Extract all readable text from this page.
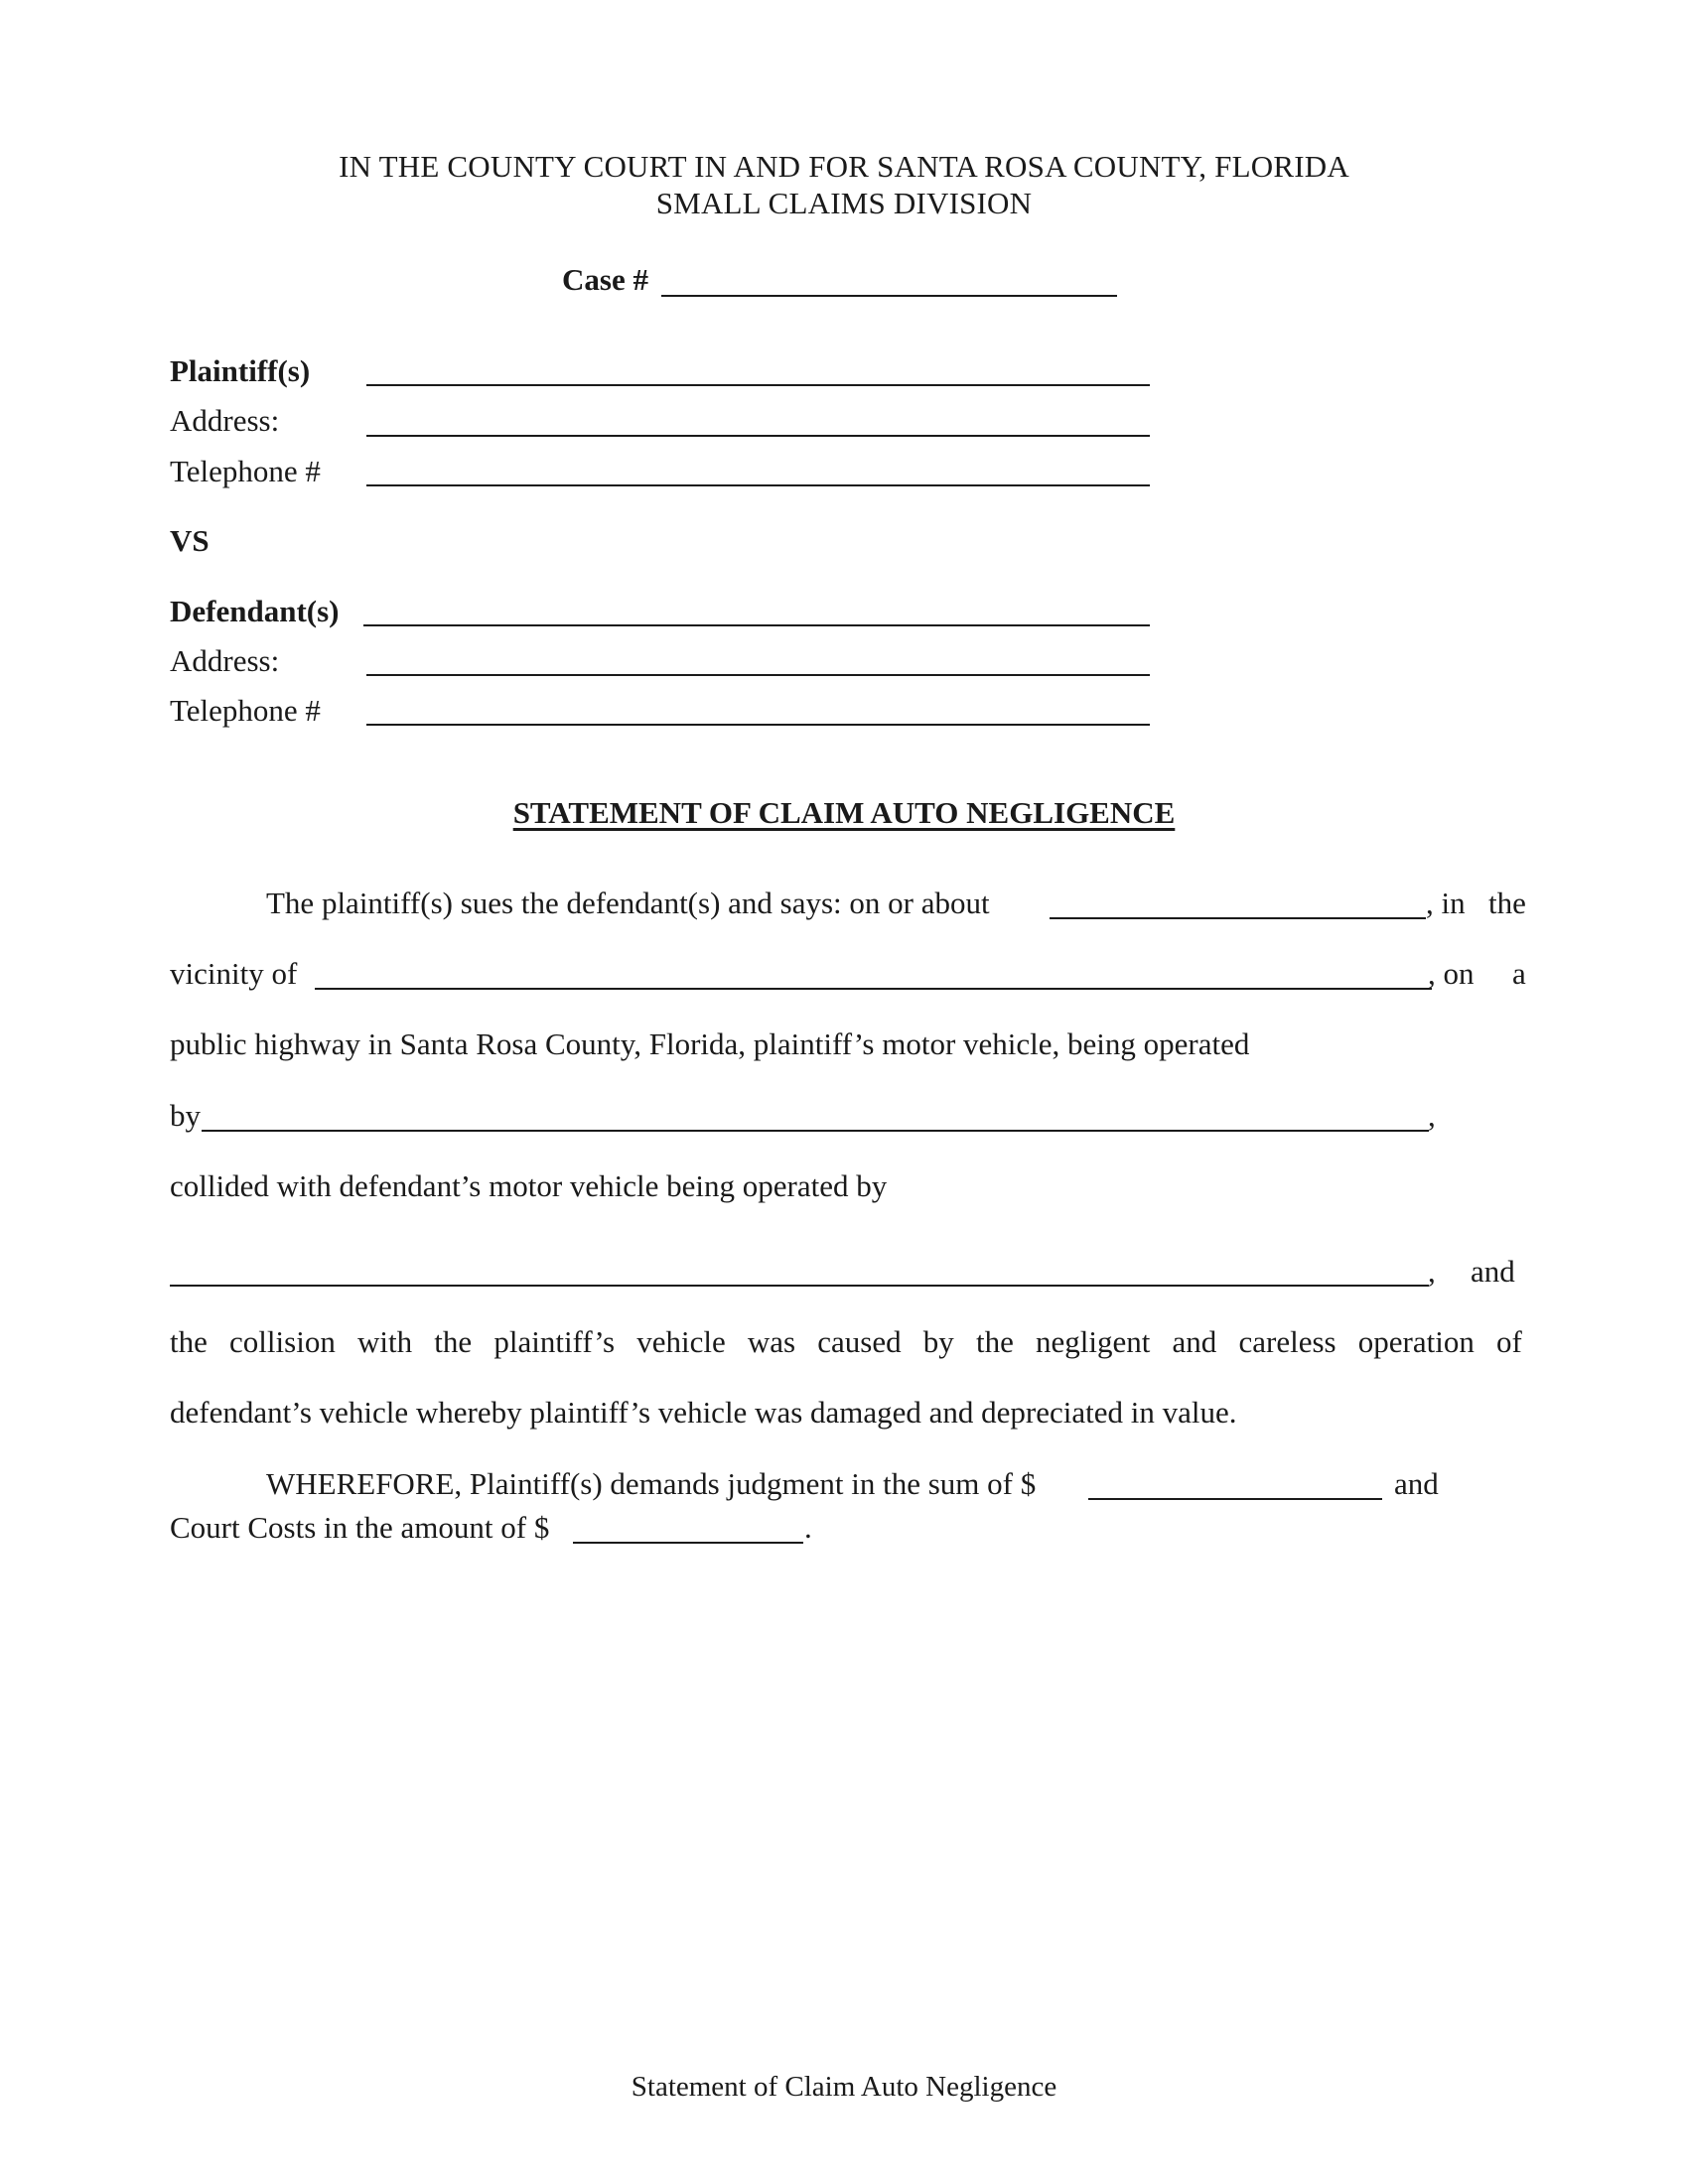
IN THE COUNTY COURT IN AND FOR SANTA ROSA COUNTY, FLORIDA
SMALL CLAIMS DIVISION
Case #
Plaintiff(s)
Address:
Telephone #
VS
Defendant(s)
Address:
Telephone #
STATEMENT OF CLAIM AUTO NEGLIGENCE
The plaintiff(s) sues the defendant(s) and says: on or about	, in the
vicinity of	, on a
public highway in Santa Rosa County, Florida, plaintiff’s motor vehicle, being operated
by	,
collided with defendant’s motor vehicle being operated by
, and
the collision with the plaintiff’s vehicle was caused by the negligent and careless operation of
defendant’s vehicle whereby plaintiff’s vehicle was damaged and depreciated in value.
WHEREFORE, Plaintiff(s) demands judgment in the sum of $	and
Court Costs in the amount of $	.
Statement of Claim Auto Negligence
